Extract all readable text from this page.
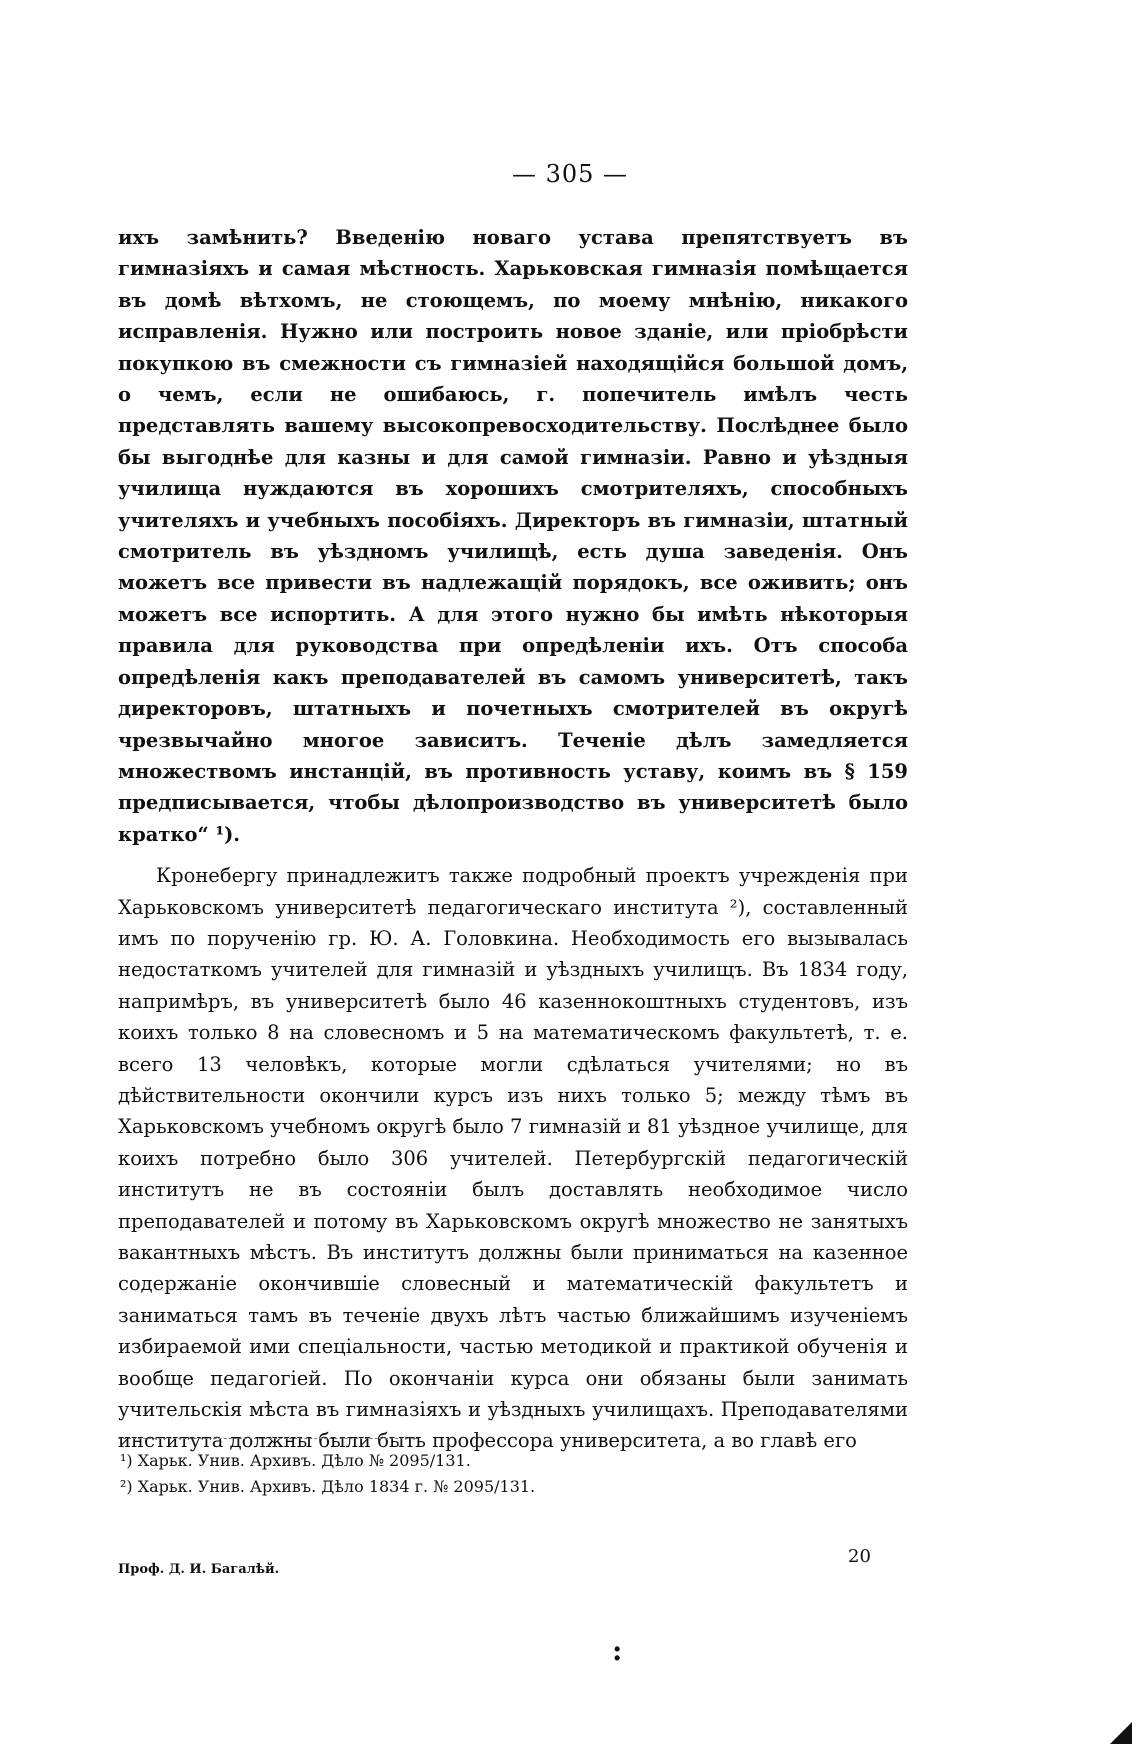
— 305 —

ихъ замѣнить? Введенію новаго устава препятствуетъ въ гимназіяхъ и самая мѣстность. Харьковская гимназія помѣщается въ домѣ вѣтхомъ, не стоющемъ, по моему мнѣнію, никакого исправленія. Нужно или построить новое зданіе, или пріобрѣсти покупкою въ смежности съ гимназіей находящійся большой домъ, о чемъ, если не ошибаюсь, г. попечитель имѣлъ честь представлять вашему высокопревосходительству. Послѣднее было бы выгоднѣе для казны и для самой гимназіи. Равно и уѣздныя училища нуждаются въ хорошихъ смотрителяхъ, способныхъ учителяхъ и учебныхъ пособіяхъ. Директоръ въ гимназіи, штатный смотритель въ уѣздномъ училищѣ, есть душа заведенія. Онъ можетъ все привести въ надлежащій порядокъ, все оживить; онъ можетъ все испортить. А для этого нужно бы имѣть нѣкоторыя правила для руководства при опредѣленіи ихъ. Отъ способа опредѣленія какъ преподавателей въ самомъ университетѣ, такъ директоровъ, штатныхъ и почетныхъ смотрителей въ округѣ чрезвычайно многое зависитъ. Теченіе дѣлъ замедляется множествомъ инстанцій, въ противность уставу, коимъ въ § 159 предписывается, чтобы дѣлопроизводство въ университетѣ было кратко“ ¹).

Кронебергу принадлежитъ также подробный проектъ учрежденія при Харьковскомъ университетѣ педагогическаго института ²), составленный имъ по порученію гр. Ю. А. Головкина. Необходимость его вызывалась недостаткомъ учителей для гимназій и уѣздныхъ училищъ. Въ 1834 году, напримѣръ, въ университетѣ было 46 казеннокоштныхъ студентовъ, изъ коихъ только 8 на словесномъ и 5 на математическомъ факультетѣ, т. е. всего 13 человѣкъ, которые могли сдѣлаться учителями; но въ дѣйствительности окончили курсъ изъ нихъ только 5; между тѣмъ въ Харьковскомъ учебномъ округѣ было 7 гимназій и 81 уѣздное училище, для коихъ потребно было 306 учителей. Петербургскій педагогическій институтъ не въ состояніи былъ доставлять необходимое число преподавателей и потому въ Харьковскомъ округѣ множество не занятыхъ вакантныхъ мѣстъ. Въ институтъ должны были приниматься на казенное содержаніе окончившіе словесный и математическій факультетъ и заниматься тамъ въ теченіе двухъ лѣтъ частью ближайшимъ изученіемъ избираемой ими спеціальности, частью методикой и практикой обученія и вообще педагогіей. По окончаніи курса они обязаны были занимать учительскія мѣста въ гимназіяхъ и уѣздныхъ училищахъ. Преподавателями института должны были быть профессора университета, а во главѣ его

¹) Харьк. Унив. Архивъ. Дѣло № 2095/131.
²) Харьк. Унив. Архивъ. Дѣло 1834 г. № 2095/131.
Проф. Д. И. Багалѣй.
20
:
